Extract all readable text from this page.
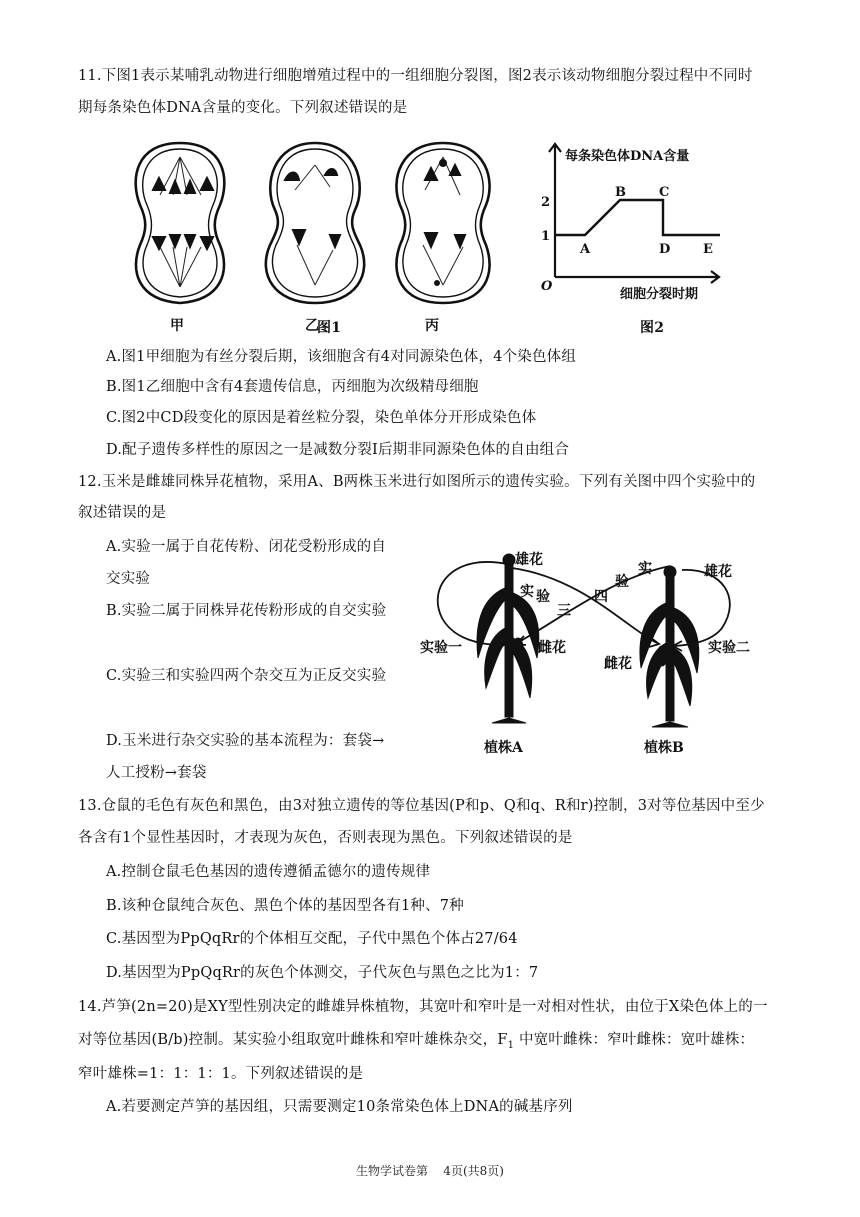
11.下图1表示某哺乳动物进行细胞增殖过程中的一组细胞分裂图，图2表示该动物细胞分裂过程中不同时
期每条染色体DNA含量的变化。下列叙述错误的是
甲	乙	丙
图1
每条染色体DNA含量
1
2
O
A
B	C
D	E
细胞分裂时期
图2
A.图1甲细胞为有丝分裂后期，该细胞含有4对同源染色体，4个染色体组
B.图1乙细胞中含有4套遗传信息，丙细胞为次级精母细胞
C.图2中CD段变化的原因是着丝粒分裂，染色单体分开形成染色体
D.配子遗传多样性的原因之一是减数分裂Ⅰ后期非同源染色体的自由组合
12.玉米是雌雄同株异花植物，采用A、B两株玉米进行如图所示的遗传实验。下列有关图中四个实验中的
叙述错误的是
A.实验一属于自花传粉、闭花受粉形成的自
交实验
B.实验二属于同株异花传粉形成的自交实验
C.实验三和实验四两个杂交互为正反交实验
D.玉米进行杂交实验的基本流程为：套袋→
人工授粉→套袋
雄花
雌花
实验一
实 验
三
四
验
实	雄花
雌花
实验二
植株A	植株B
13.仓鼠的毛色有灰色和黑色，由3对独立遗传的等位基因(P和p、Q和q、R和r)控制，3对等位基因中至少
各含有1个显性基因时，才表现为灰色，否则表现为黑色。下列叙述错误的是
A.控制仓鼠毛色基因的遗传遵循孟德尔的遗传规律
B.该种仓鼠纯合灰色、黑色个体的基因型各有1种、7种
C.基因型为PpQqRr的个体相互交配，子代中黑色个体占27/64
D.基因型为PpQqRr的灰色个体测交，子代灰色与黑色之比为1：7
14.芦笋(2n=20)是XY型性别决定的雌雄异株植物，其宽叶和窄叶是一对相对性状，由位于X染色体上的一
对等位基因(B/b)控制。某实验小组取宽叶雌株和窄叶雄株杂交，$F_1$ 中宽叶雌株：窄叶雌株：宽叶雄株：
窄叶雄株=1：1：1：1。下列叙述错误的是
A.若要测定芦笋的基因组，只需要测定10条常染色体上DNA的碱基序列
生物学试卷第    4页(共8页)
